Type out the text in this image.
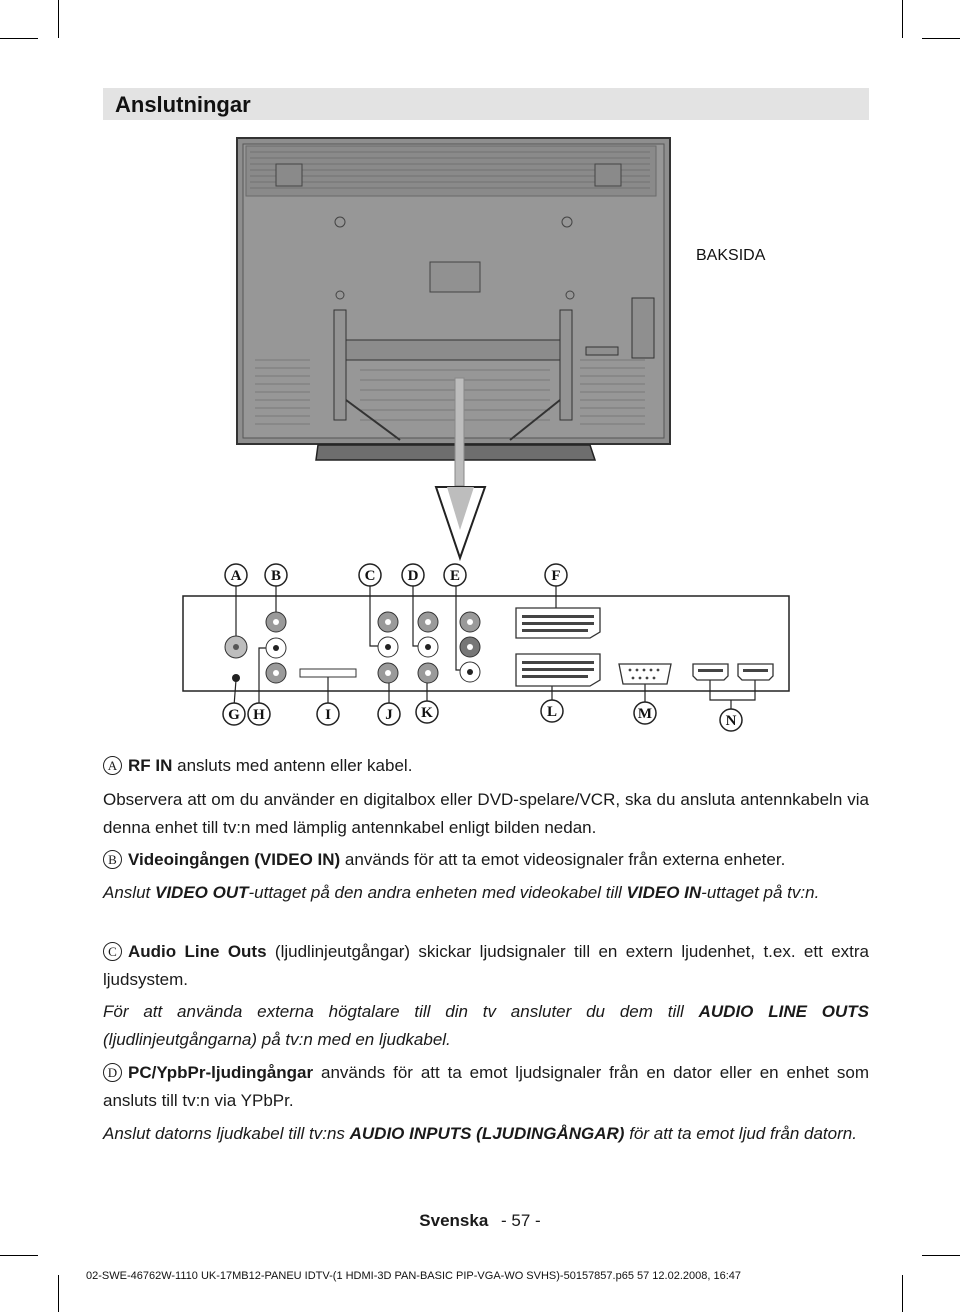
Anslutningar
A B	C D E	F
G H	I	J K	L	M	N
BAKSIDA
A RF IN ansluts med antenn eller kabel.
Observera att om du använder en digitalbox eller DVD-spelare/VCR, ska du ansluta antennkabeln via denna enhet till tv:n med lämplig antennkabel enligt bilden nedan.
B Videoingången (VIDEO IN) används för att ta emot videosignaler från externa enheter.
Anslut VIDEO OUT-uttaget på den andra enheten med videokabel till VIDEO IN-uttaget på tv:n.
C Audio Line Outs (ljudlinjeutgångar) skickar ljudsignaler till en extern ljudenhet, t.ex. ett extra ljudsystem.
För att använda externa högtalare till din tv ansluter du dem till AUDIO LINE OUTS (ljudlinjeutgångarna) på tv:n med en ljudkabel.
D PC/YpbPr-ljudingångar används för att ta emot ljudsignaler från en dator eller en enhet som ansluts till tv:n via YPbPr.
Anslut datorns ljudkabel till tv:ns AUDIO INPUTS (LJUDINGÅNGAR) för att ta emot ljud från datorn.
Svenska - 57 -
02-SWE-46762W-1110 UK-17MB12-PANEU IDTV-(1 HDMI-3D PAN-BASIC PIP-VGA-WO SVHS)-50157857.p65 57 12.02.2008, 16:47
